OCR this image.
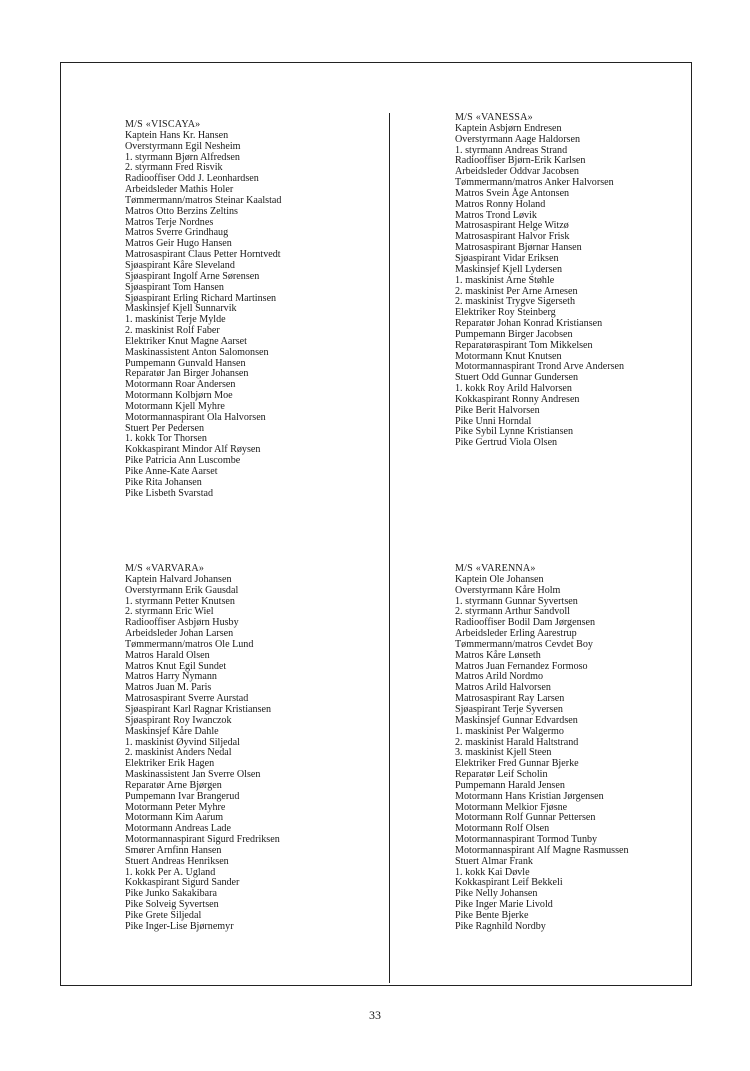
M/S «VISCAYA»
Kaptein Hans Kr. Hansen
Overstyrmann Egil Nesheim
1. styrmann Bjørn Alfredsen
2. styrmann Fred Risvik
Radiooffiser Odd J. Leonhardsen
Arbeidsleder Mathis Holer
Tømmermann/matros Steinar Kaalstad
Matros Otto Berzins Zeltins
Matros Terje Nordnes
Matros Sverre Grindhaug
Matros Geir Hugo Hansen
Matrosaspirant Claus Petter Horntvedt
Sjøaspirant Kåre Sleveland
Sjøaspirant Ingolf Arne Sørensen
Sjøaspirant Tom Hansen
Sjøaspirant Erling Richard Martinsen
Maskinsjef Kjell Sunnarvik
1. maskinist Terje Mylde
2. maskinist Rolf Faber
Elektriker Knut Magne Aarset
Maskinassistent Anton Salomonsen
Pumpemann Gunvald Hansen
Reparatør Jan Birger Johansen
Motormann Roar Andersen
Motormann Kolbjørn Moe
Motormann Kjell Myhre
Motormannaspirant Ola Halvorsen
Stuert Per Pedersen
1. kokk Tor Thorsen
Kokkaspirant Mindor Alf Røysen
Pike Patricia Ann Luscombe
Pike Anne-Kate Aarset
Pike Rita Johansen
Pike Lisbeth Svarstad
M/S «VANESSA»
Kaptein Asbjørn Endresen
Overstyrmann Aage Haldorsen
1. styrmann Andreas Strand
Radiooffiser Bjørn-Erik Karlsen
Arbeidsleder Oddvar Jacobsen
Tømmermann/matros Anker Halvorsen
Matros Svein Åge Antonsen
Matros Ronny Holand
Matros Trond Løvik
Matrosaspirant Helge Witzø
Matrosaspirant Halvor Frisk
Matrosaspirant Bjørnar Hansen
Sjøaspirant Vidar Eriksen
Maskinsjef Kjell Lydersen
1. maskinist Arne Støhle
2. maskinist Per Arne Arnesen
2. maskinist Trygve Sigerseth
Elektriker Roy Steinberg
Reparatør Johan Konrad Kristiansen
Pumpemann Birger Jacobsen
Reparatøraspirant Tom Mikkelsen
Motormann Knut Knutsen
Motormannaspirant Trond Arve Andersen
Stuert Odd Gunnar Gundersen
1. kokk Roy Arild Halvorsen
Kokkaspirant Ronny Andresen
Pike Berit Halvorsen
Pike Unni Horndal
Pike Sybil Lynne Kristiansen
Pike Gertrud Viola Olsen
M/S «VARVARA»
Kaptein Halvard Johansen
Overstyrmann Erik Gausdal
1. styrmann Petter Knutsen
2. styrmann Eric Wiel
Radiooffiser Asbjørn Husby
Arbeidsleder Johan Larsen
Tømmermann/matros Ole Lund
Matros Harald Olsen
Matros Knut Egil Sundet
Matros Harry Nymann
Matros Juan M. Paris
Matrosaspirant Sverre Aurstad
Sjøaspirant Karl Ragnar Kristiansen
Sjøaspirant Roy Iwanczok
Maskinsjef Kåre Dahle
1. maskinist Øyvind Siljedal
2. maskinist Anders Nedal
Elektriker Erik Hagen
Maskinassistent Jan Sverre Olsen
Reparatør Arne Bjørgen
Pumpemann Ivar Brangerud
Motormann Peter Myhre
Motormann Kim Aarum
Motormann Andreas Lade
Motormannaspirant Sigurd Fredriksen
Smører Arnfinn Hansen
Stuert Andreas Henriksen
1. kokk Per A. Ugland
Kokkaspirant Sigurd Sander
Pike Junko Sakakibara
Pike Solveig Syvertsen
Pike Grete Siljedal
Pike Inger-Lise Bjørnemyr
M/S «VARENNA»
Kaptein Ole Johansen
Overstyrmann Kåre Holm
1. styrmann Gunnar Syvertsen
2. styrmann Arthur Sandvoll
Radiooffiser Bodil Dam Jørgensen
Arbeidsleder Erling Aarestrup
Tømmermann/matros Cevdet Boy
Matros Kåre Lønseth
Matros Juan Fernandez Formoso
Matros Arild Nordmo
Matros Arild Halvorsen
Matrosaspirant Ray Larsen
Sjøaspirant Terje Syversen
Maskinsjef Gunnar Edvardsen
1. maskinist Per Walgermo
2. maskinist Harald Haltstrand
3. maskinist Kjell Steen
Elektriker Fred Gunnar Bjerke
Reparatør Leif Scholin
Pumpemann Harald Jensen
Motormann Hans Kristian Jørgensen
Motormann Melkior Fjøsne
Motormann Rolf Gunnar Pettersen
Motormann Rolf Olsen
Motormannaspirant Tormod Tunby
Motormannaspirant Alf Magne Rasmussen
Stuert Almar Frank
1. kokk Kai Døvle
Kokkaspirant Leif Bekkeli
Pike Nelly Johansen
Pike Inger Marie Livold
Pike Bente Bjerke
Pike Ragnhild Nordby
33
